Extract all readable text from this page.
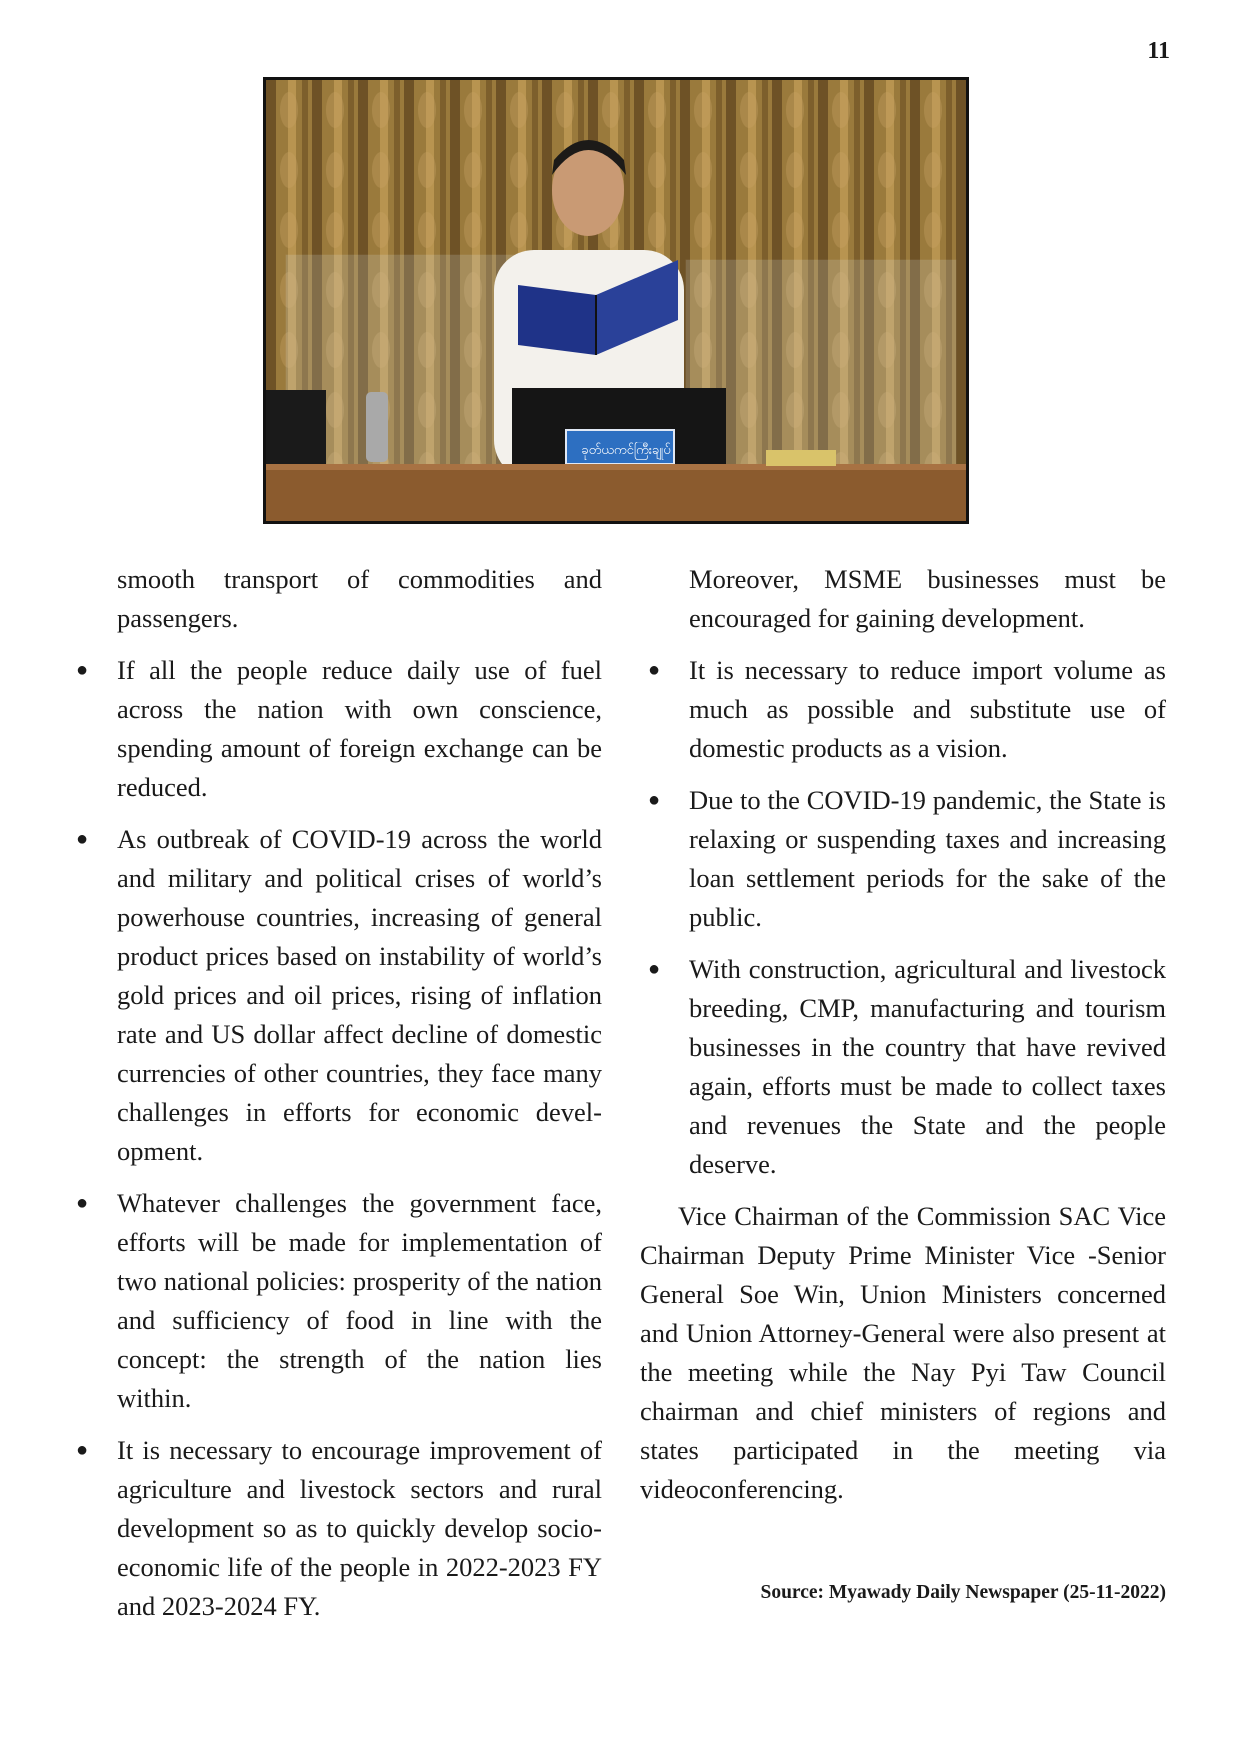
11
ခုတ်ယကင်ကြီးချုပ်

smooth transport of commodities and passengers.

● If all the people reduce daily use of fuel across the nation with own conscience, spending amount of foreign exchange can be reduced.
● As outbreak of COVID-19 across the world and military and political crises of world’s powerhouse countries, increasing of general product prices based on instability of world’s gold prices and oil prices, rising of inflation rate and US dollar affect decline of domestic currencies of other countries, they face many challenges in efforts for economic development.
● Whatever challenges the government face, efforts will be made for implementation of two national policies: prosperity of the nation and sufficiency of food in line with the concept: the strength of the nation lies within.
● It is necessary to encourage improvement of agriculture and livestock sectors and rural development so as to quickly develop socio-economic life of the people in 2022-2023 FY and 2023-2024 FY.

Moreover, MSME businesses must be encouraged for gaining development.

● It is necessary to reduce import volume as much as possible and substitute use of domestic products as a vision.
● Due to the COVID-19 pandemic, the State is relaxing or suspending taxes and increasing loan settlement periods for the sake of the public.
● With construction, agricultural and livestock breeding, CMP, manufacturing and tourism businesses in the country that have revived again, efforts must be made to collect taxes and revenues the State and the people deserve.

Vice Chairman of the Commission SAC Vice Chairman Deputy Prime Minister Vice -Senior General Soe Win, Union Ministers concerned and Union Attorney-General were also present at the meeting while the Nay Pyi Taw Council chairman and chief ministers of regions and states participated in the meeting via videoconferencing.

Source: Myawady Daily Newspaper (25-11-2022)
